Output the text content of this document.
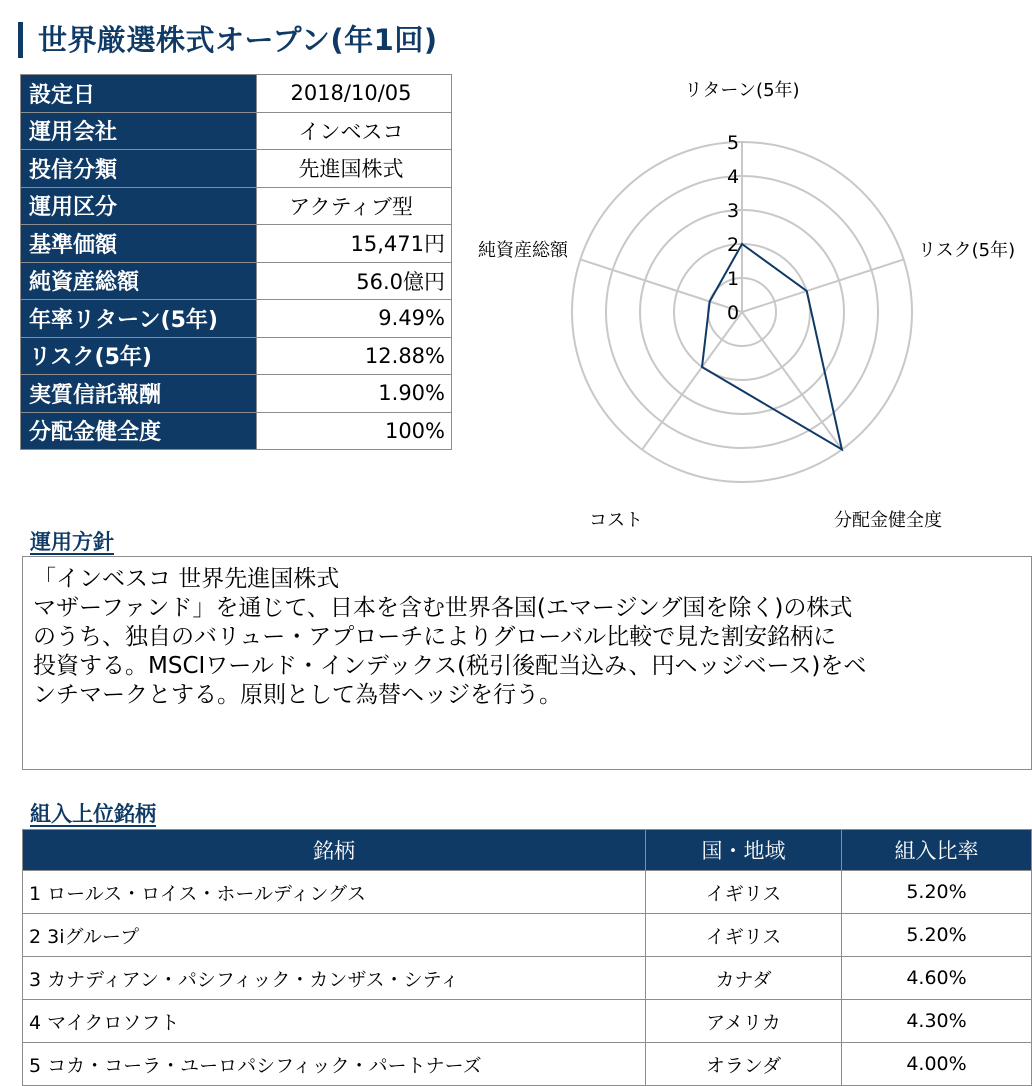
世界厳選株式オープン(年1回)
設定日	2018/10/05
運用会社	インベスコ
投信分類	先進国株式
運用区分	アクティブ型
基準価額	15,471円
純資産総額	56.0億円
年率リターン(5年)	9.49%
リスク(5年)	12.88%
実質信託報酬	1.90%
分配金健全度	100%
0
1
2
3
4
5
リターン(5年)
リスク(5年)
分配金健全度
コスト
純資産総額
運用方針

「インベスコ 世界先進国株式

マザーファンド」を通じて、日本を含む世界各国(エマージング国を除く)の株式

のうち、独自のバリュー・アプローチによりグローバル比較で見た割安銘柄に

投資する。MSCIワールド・インデックス(税引後配当込み、円ヘッジベース)をベ

ンチマークとする。原則として為替ヘッジを行う。

組入上位銘柄
銘柄	国・地域	組入比率
1 ロールス・ロイス・ホールディングス	イギリス	5.20%
2 3iグループ	イギリス	5.20%
3 カナディアン・パシフィック・カンザス・シティ	カナダ	4.60%
4 マイクロソフト	アメリカ	4.30%
5 コカ・コーラ・ユーロパシフィック・パートナーズ	オランダ	4.00%
